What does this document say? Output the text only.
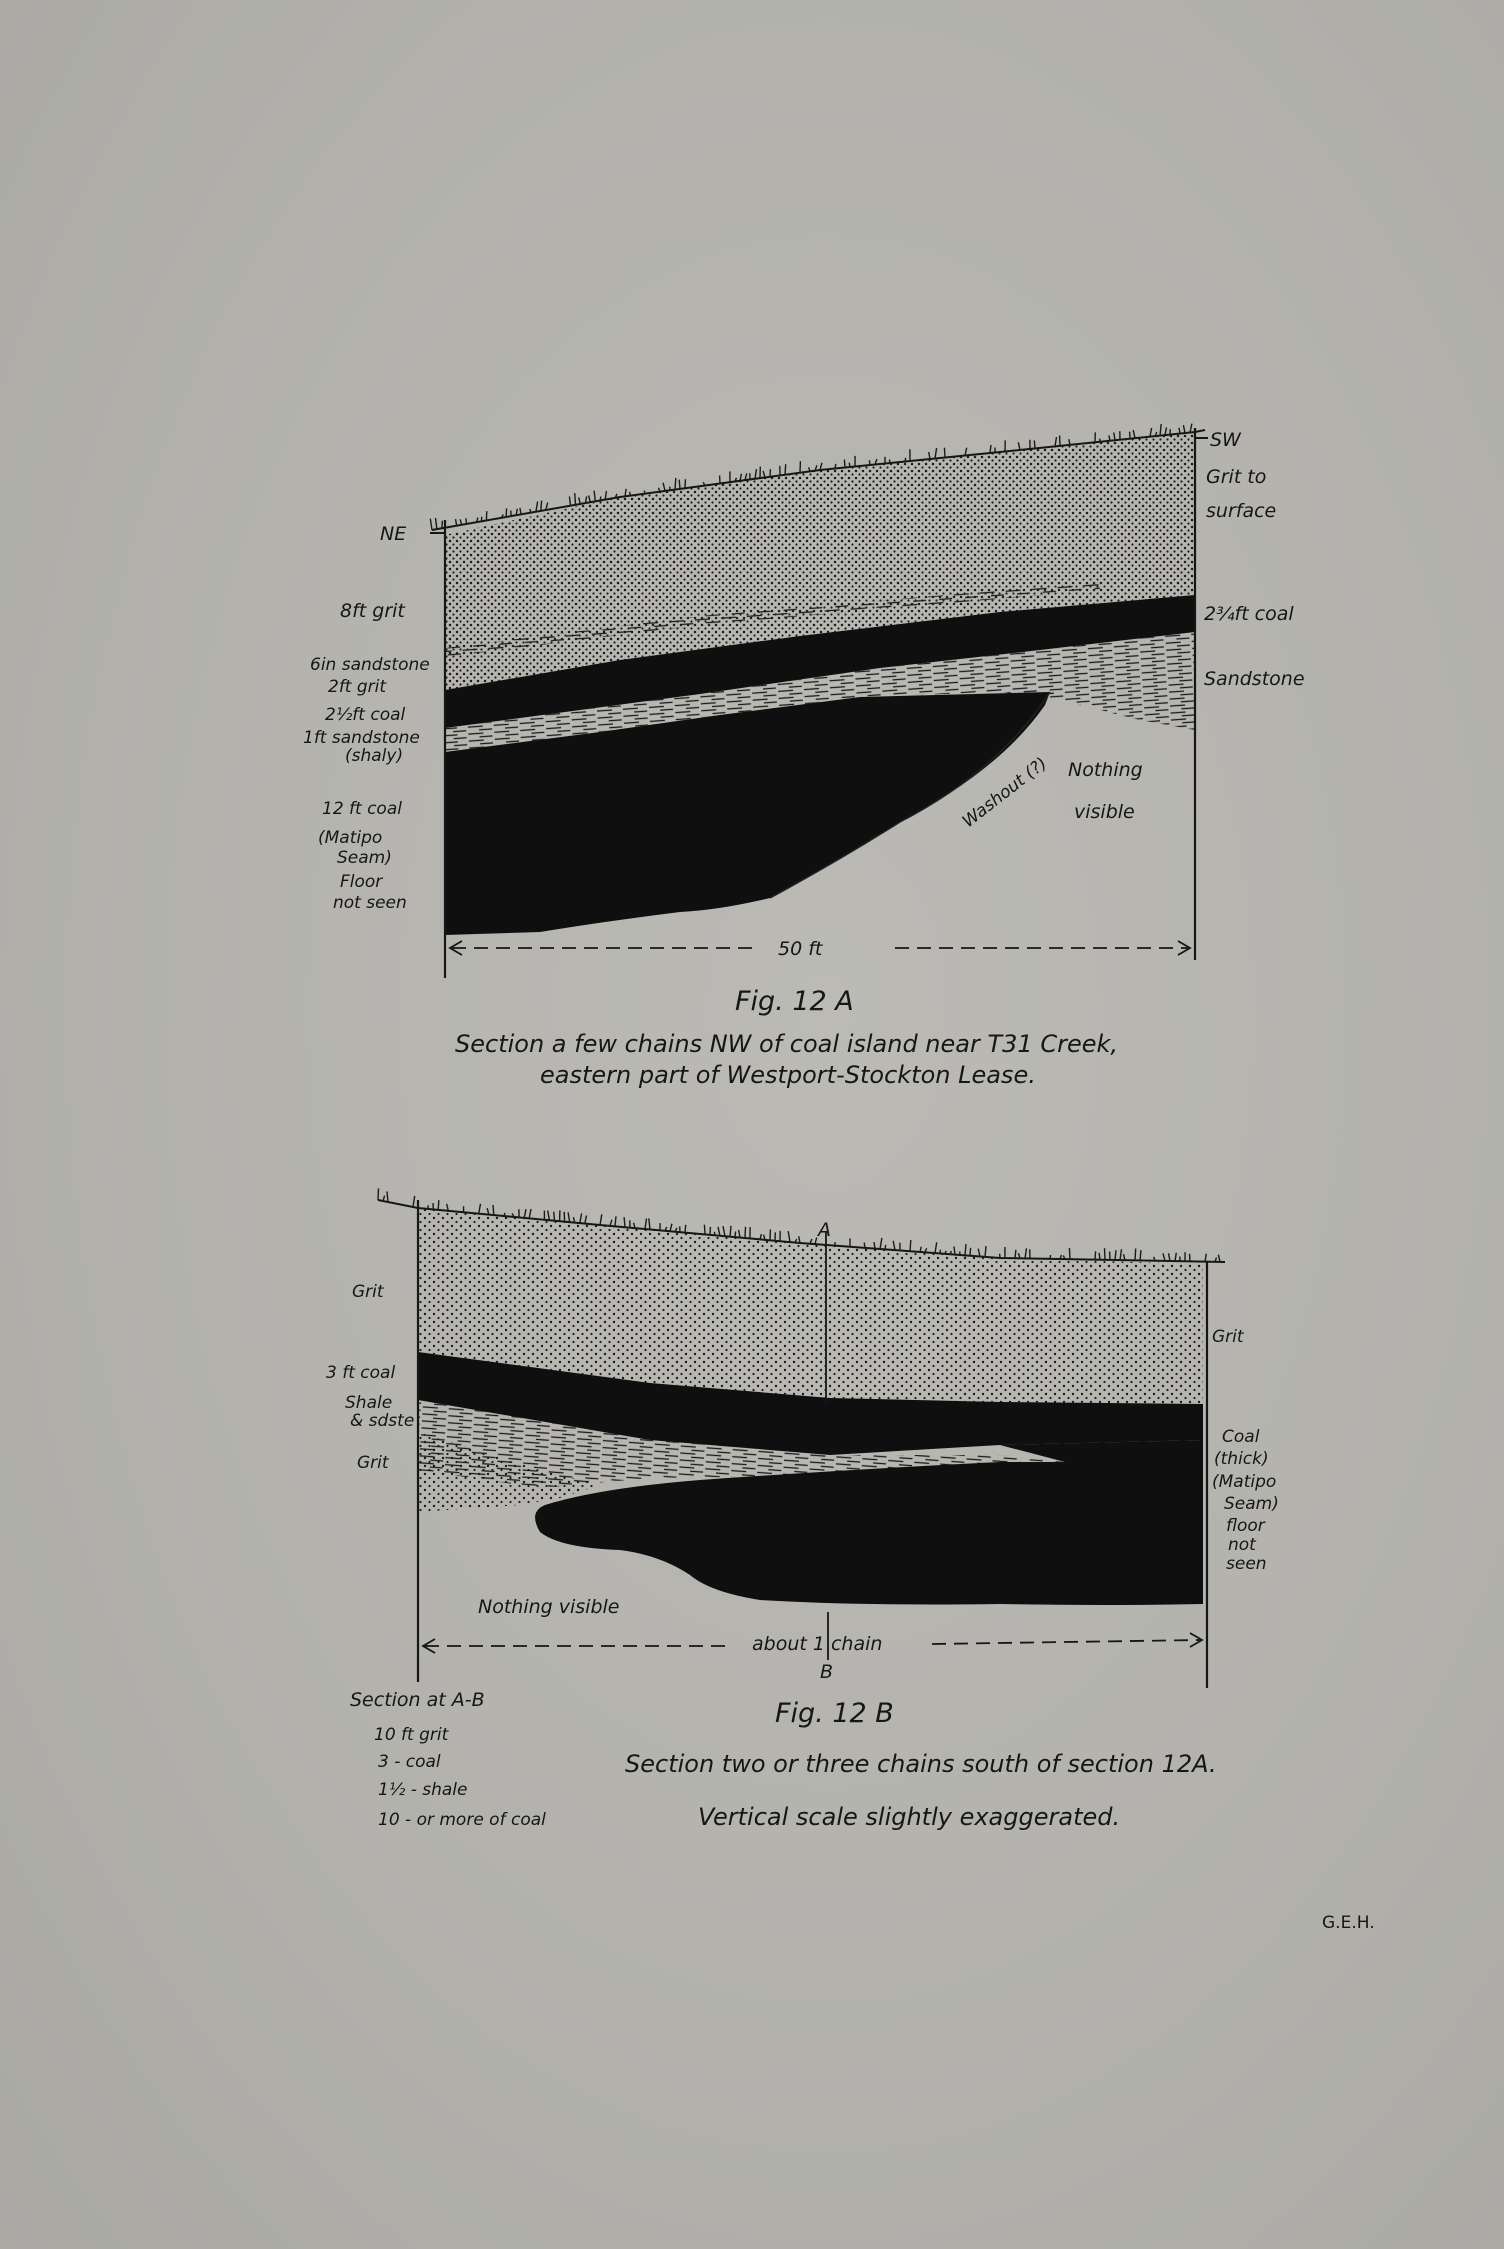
NE
SW
8ft grit
6in sandstone
2ft grit
2½ft coal
1ft sandstone
(shaly)
12 ft coal
(Matipo
Seam)
Floor
not seen
Grit to
surface
2¾ft coal
Sandstone
Nothing
visible
Washout (?)
50 ft
Fig. 12 A
Section a few chains NW of coal island near T31 Creek,
eastern part of Westport-Stockton Lease.
A
B
Grit
3 ft coal
Shale
& sdste
Grit
Grit
Coal
(thick)
(Matipo
Seam)
floor
not
seen
Nothing visible
about 1 chain
Section at A-B
10 ft grit
3 - coal
1½ - shale
10 - or more of coal
Fig. 12 B
Section two or three chains south of section 12A.
Vertical scale slightly exaggerated.
G.E.H.
